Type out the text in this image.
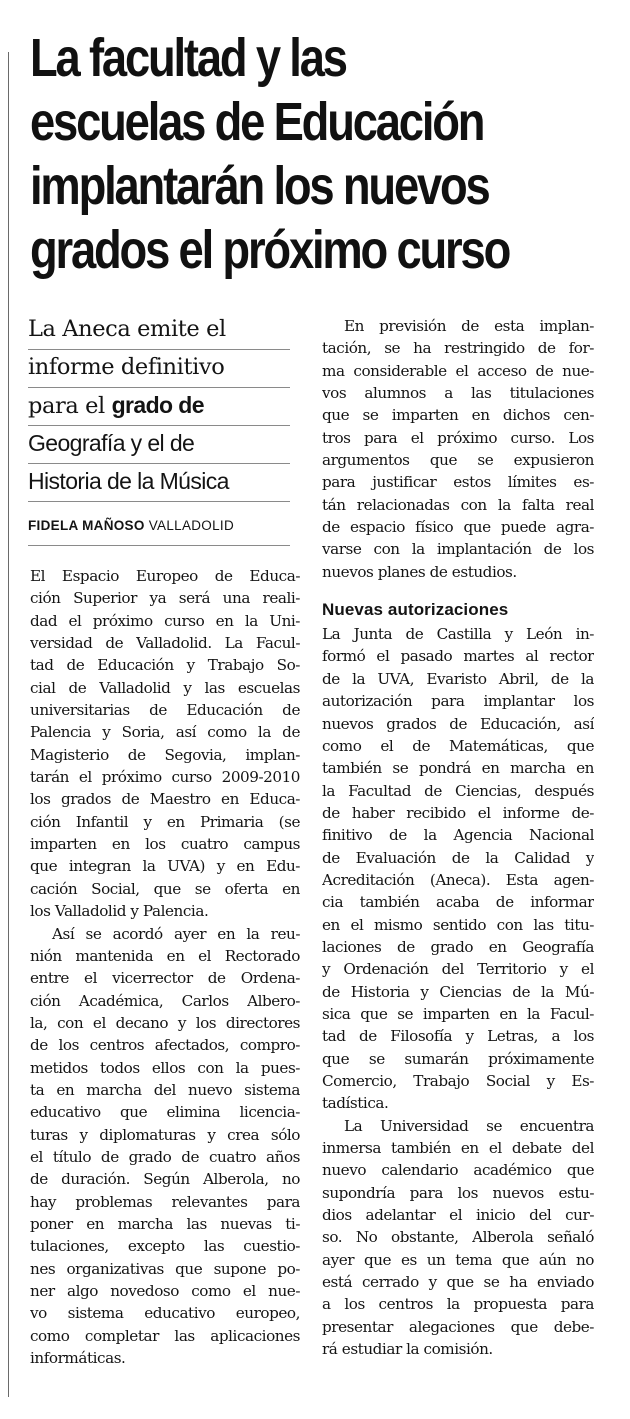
La facultad y las
escuelas de Educación
implantarán los nuevos
grados el próximo curso
La Aneca emite el
informe definitivo
para el grado de
Geografía y el de
Historia de la Música
FIDELA MAÑOSO VALLADOLID
El Espacio Europeo de Educa-
ción Superior ya será una reali-
dad el próximo curso en la Uni-
versidad de Valladolid. La Facul-
tad de Educación y Trabajo So-
cial de Valladolid y las escuelas
universitarias de Educación de
Palencia y Soria, así como la de
Magisterio de Segovia, implan-
tarán el próximo curso 2009-2010
los grados de Maestro en Educa-
ción Infantil y en Primaria (se
imparten en los cuatro campus
que integran la UVA) y en Edu-
cación Social, que se oferta en
los Valladolid y Palencia.
Así se acordó ayer en la reu-
nión mantenida en el Rectorado
entre el vicerrector de Ordena-
ción Académica, Carlos Albero-
la, con el decano y los directores
de los centros afectados, compro-
metidos todos ellos con la pues-
ta en marcha del nuevo sistema
educativo que elimina licencia-
turas y diplomaturas y crea sólo
el título de grado de cuatro años
de duración. Según Alberola, no
hay problemas relevantes para
poner en marcha las nuevas ti-
tulaciones, excepto las cuestio-
nes organizativas que supone po-
ner algo novedoso como el nue-
vo sistema educativo europeo,
como completar las aplicaciones
informáticas.
En previsión de esta implan-
tación, se ha restringido de for-
ma considerable el acceso de nue-
vos alumnos a las titulaciones
que se imparten en dichos cen-
tros para el próximo curso. Los
argumentos que se expusieron
para justificar estos límites es-
tán relacionadas con la falta real
de espacio físico que puede agra-
varse con la implantación de los
nuevos planes de estudios.
Nuevas autorizaciones
La Junta de Castilla y León in-
formó el pasado martes al rector
de la UVA, Evaristo Abril, de la
autorización para implantar los
nuevos grados de Educación, así
como el de Matemáticas, que
también se pondrá en marcha en
la Facultad de Ciencias, después
de haber recibido el informe de-
finitivo de la Agencia Nacional
de Evaluación de la Calidad y
Acreditación (Aneca). Esta agen-
cia también acaba de informar
en el mismo sentido con las titu-
laciones de grado en Geografía
y Ordenación del Territorio y el
de Historia y Ciencias de la Mú-
sica que se imparten en la Facul-
tad de Filosofía y Letras, a los
que se sumarán próximamente
Comercio, Trabajo Social y Es-
tadística.
La Universidad se encuentra
inmersa también en el debate del
nuevo calendario académico que
supondría para los nuevos estu-
dios adelantar el inicio del cur-
so. No obstante, Alberola señaló
ayer que es un tema que aún no
está cerrado y que se ha enviado
a los centros la propuesta para
presentar alegaciones que debe-
rá estudiar la comisión.
